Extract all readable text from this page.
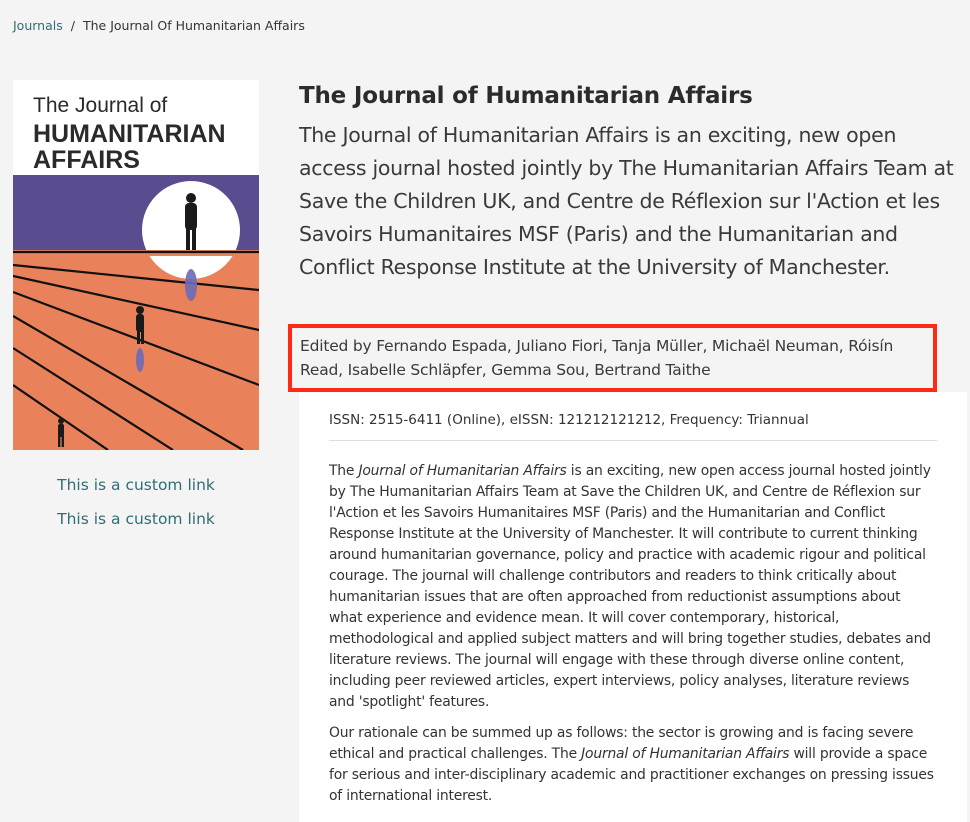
Journals / The Journal Of Humanitarian Affairs
The Journal of
HUMANITARIAN
AFFAIRS
This is a custom link
This is a custom link
The Journal of Humanitarian Affairs

The Journal of Humanitarian Affairs is an exciting, new open access journal hosted jointly by The Humanitarian Affairs Team at Save the Children UK, and Centre de Réflexion sur l'Action et les Savoirs Humanitaires MSF (Paris) and the Humanitarian and Conflict Response Institute at the University of Manchester.

Edited by Fernando Espada, Juliano Fiori, Tanja Müller, Michaël Neuman, Róisín Read, Isabelle Schläpfer, Gemma Sou, Bertrand Taithe
ISSN: 2515-6411 (Online), eISSN: 121212121212, Frequency: Triannual

The Journal of Humanitarian Affairs is an exciting, new open access journal hosted jointly by The Humanitarian Affairs Team at Save the Children UK, and Centre de Réflexion sur l'Action et les Savoirs Humanitaires MSF (Paris) and the Humanitarian and Conflict Response Institute at the University of Manchester. It will contribute to current thinking around humanitarian governance, policy and practice with academic rigour and political courage. The journal will challenge contributors and readers to think critically about humanitarian issues that are often approached from reductionist assumptions about what experience and evidence mean. It will cover contemporary, historical, methodological and applied subject matters and will bring together studies, debates and literature reviews. The journal will engage with these through diverse online content, including peer reviewed articles, expert interviews, policy analyses, literature reviews and 'spotlight' features.

Our rationale can be summed up as follows: the sector is growing and is facing severe ethical and practical challenges. The Journal of Humanitarian Affairs will provide a space for serious and inter-disciplinary academic and practitioner exchanges on pressing issues of international interest.
